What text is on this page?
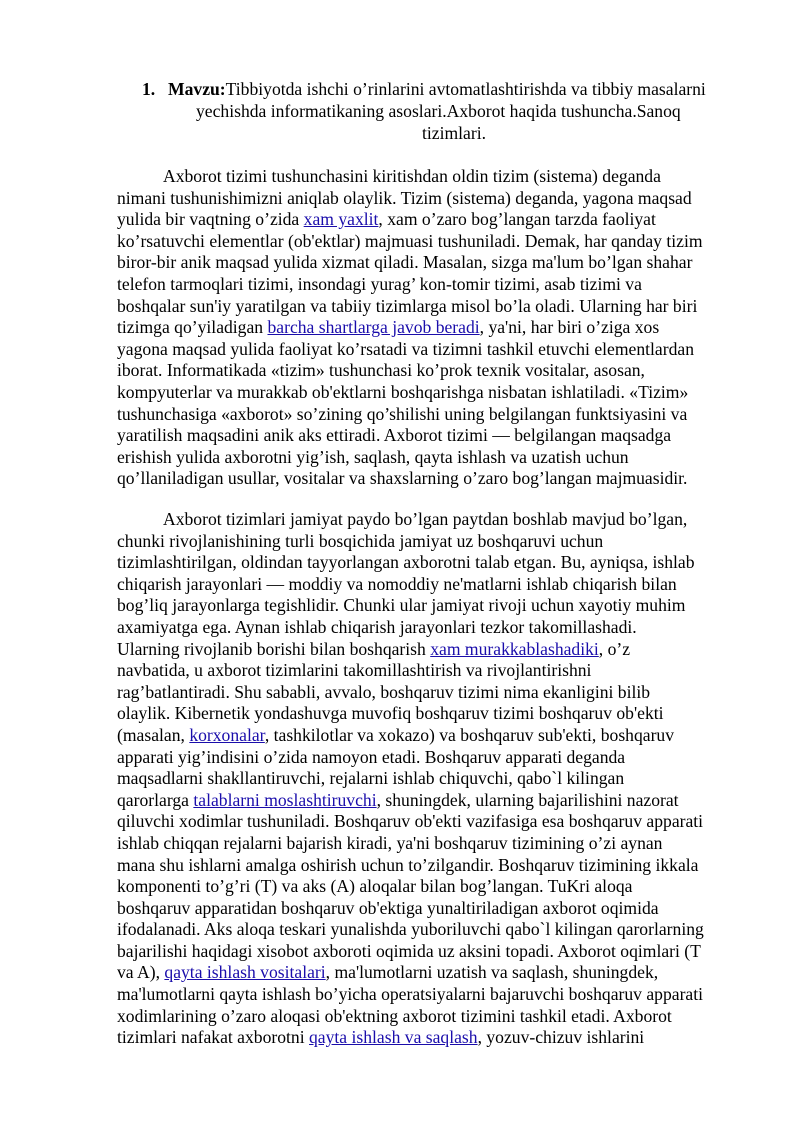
1. Mavzu:Tibbiyotda ishchi o’rinlarini avtomatlashtirishda va tibbiy masalarni
yechishda informatikaning asoslari.Axborot haqida tushuncha.Sanoq
tizimlari.
Axborot tizimi tushunchasini kiritishdan oldin tizim (sistema) deganda
nimani tushunishimizni aniqlab olaylik. Tizim (sistema) deganda, yagona maqsad
yulida bir vaqtning o’zida xam yaxlit, xam o’zaro bog’langan tarzda faoliyat
ko’rsatuvchi elementlar (ob'ektlar) majmuasi tushuniladi. Demak, har qanday tizim
biror-bir anik maqsad yulida xizmat qiladi. Masalan, sizga ma'lum bo’lgan shahar
telefon tarmoqlari tizimi, insondagi yurag’ kon-tomir tizimi, asab tizimi va
boshqalar sun'iy yaratilgan va tabiiy tizimlarga misol bo’la oladi. Ularning har biri
tizimga qo’yiladigan barcha shartlarga javob beradi, ya'ni, har biri o’ziga xos
yagona maqsad yulida faoliyat ko’rsatadi va tizimni tashkil etuvchi elementlardan
iborat. Informatikada «tizim» tushunchasi ko’prok texnik vositalar, asosan,
kompyuterlar va murakkab ob'ektlarni boshqarishga nisbatan ishlatiladi. «Tizim»
tushunchasiga «axborot» so’zining qo’shilishi uning belgilangan funktsiyasini va
yaratilish maqsadini anik aks ettiradi. Axborot tizimi — belgilangan maqsadga
erishish yulida axborotni yig’ish, saqlash, qayta ishlash va uzatish uchun
qo’llaniladigan usullar, vositalar va shaxslarning o’zaro bog’langan majmuasidir.
Axborot tizimlari jamiyat paydo bo’lgan paytdan boshlab mavjud bo’lgan,
chunki rivojlanishining turli bosqichida jamiyat uz boshqaruvi uchun
tizimlashtirilgan, oldindan tayyorlangan axborotni talab etgan. Bu, ayniqsa, ishlab
chiqarish jarayonlari — moddiy va nomoddiy ne'matlarni ishlab chiqarish bilan
bog’liq jarayonlarga tegishlidir. Chunki ular jamiyat rivoji uchun xayotiy muhim
axamiyatga ega. Aynan ishlab chiqarish jarayonlari tezkor takomillashadi.
Ularning rivojlanib borishi bilan boshqarish xam murakkablashadiki, o’z
navbatida, u axborot tizimlarini takomillashtirish va rivojlantirishni
rag’batlantiradi. Shu sababli, avvalo, boshqaruv tizimi nima ekanligini bilib
olaylik. Kibernetik yondashuvga muvofiq boshqaruv tizimi boshqaruv ob'ekti
(masalan, korxonalar, tashkilotlar va xokazo) va boshqaruv sub'ekti, boshqaruv
apparati yig’indisini o’zida namoyon etadi. Boshqaruv apparati deganda
maqsadlarni shakllantiruvchi, rejalarni ishlab chiquvchi, qabo`l kilingan
qarorlarga talablarni moslashtiruvchi, shuningdek, ularning bajarilishini nazorat
qiluvchi xodimlar tushuniladi. Boshqaruv ob'ekti vazifasiga esa boshqaruv apparati
ishlab chiqqan rejalarni bajarish kiradi, ya'ni boshqaruv tizimining o’zi aynan
mana shu ishlarni amalga oshirish uchun to’zilgandir. Boshqaruv tizimining ikkala
komponenti to’g’ri (T) va aks (A) aloqalar bilan bog’langan. TuKri aloqa
boshqaruv apparatidan boshqaruv ob'ektiga yunaltiriladigan axborot oqimida
ifodalanadi. Aks aloqa teskari yunalishda yuboriluvchi qabo`l kilingan qarorlarning
bajarilishi haqidagi xisobot axboroti oqimida uz aksini topadi. Axborot oqimlari (T
va A), qayta ishlash vositalari, ma'lumotlarni uzatish va saqlash, shuningdek,
ma'lumotlarni qayta ishlash bo’yicha operatsiyalarni bajaruvchi boshqaruv apparati
xodimlarining o’zaro aloqasi ob'ektning axborot tizimini tashkil etadi. Axborot
tizimlari nafakat axborotni qayta ishlash va saqlash, yozuv-chizuv ishlarini
